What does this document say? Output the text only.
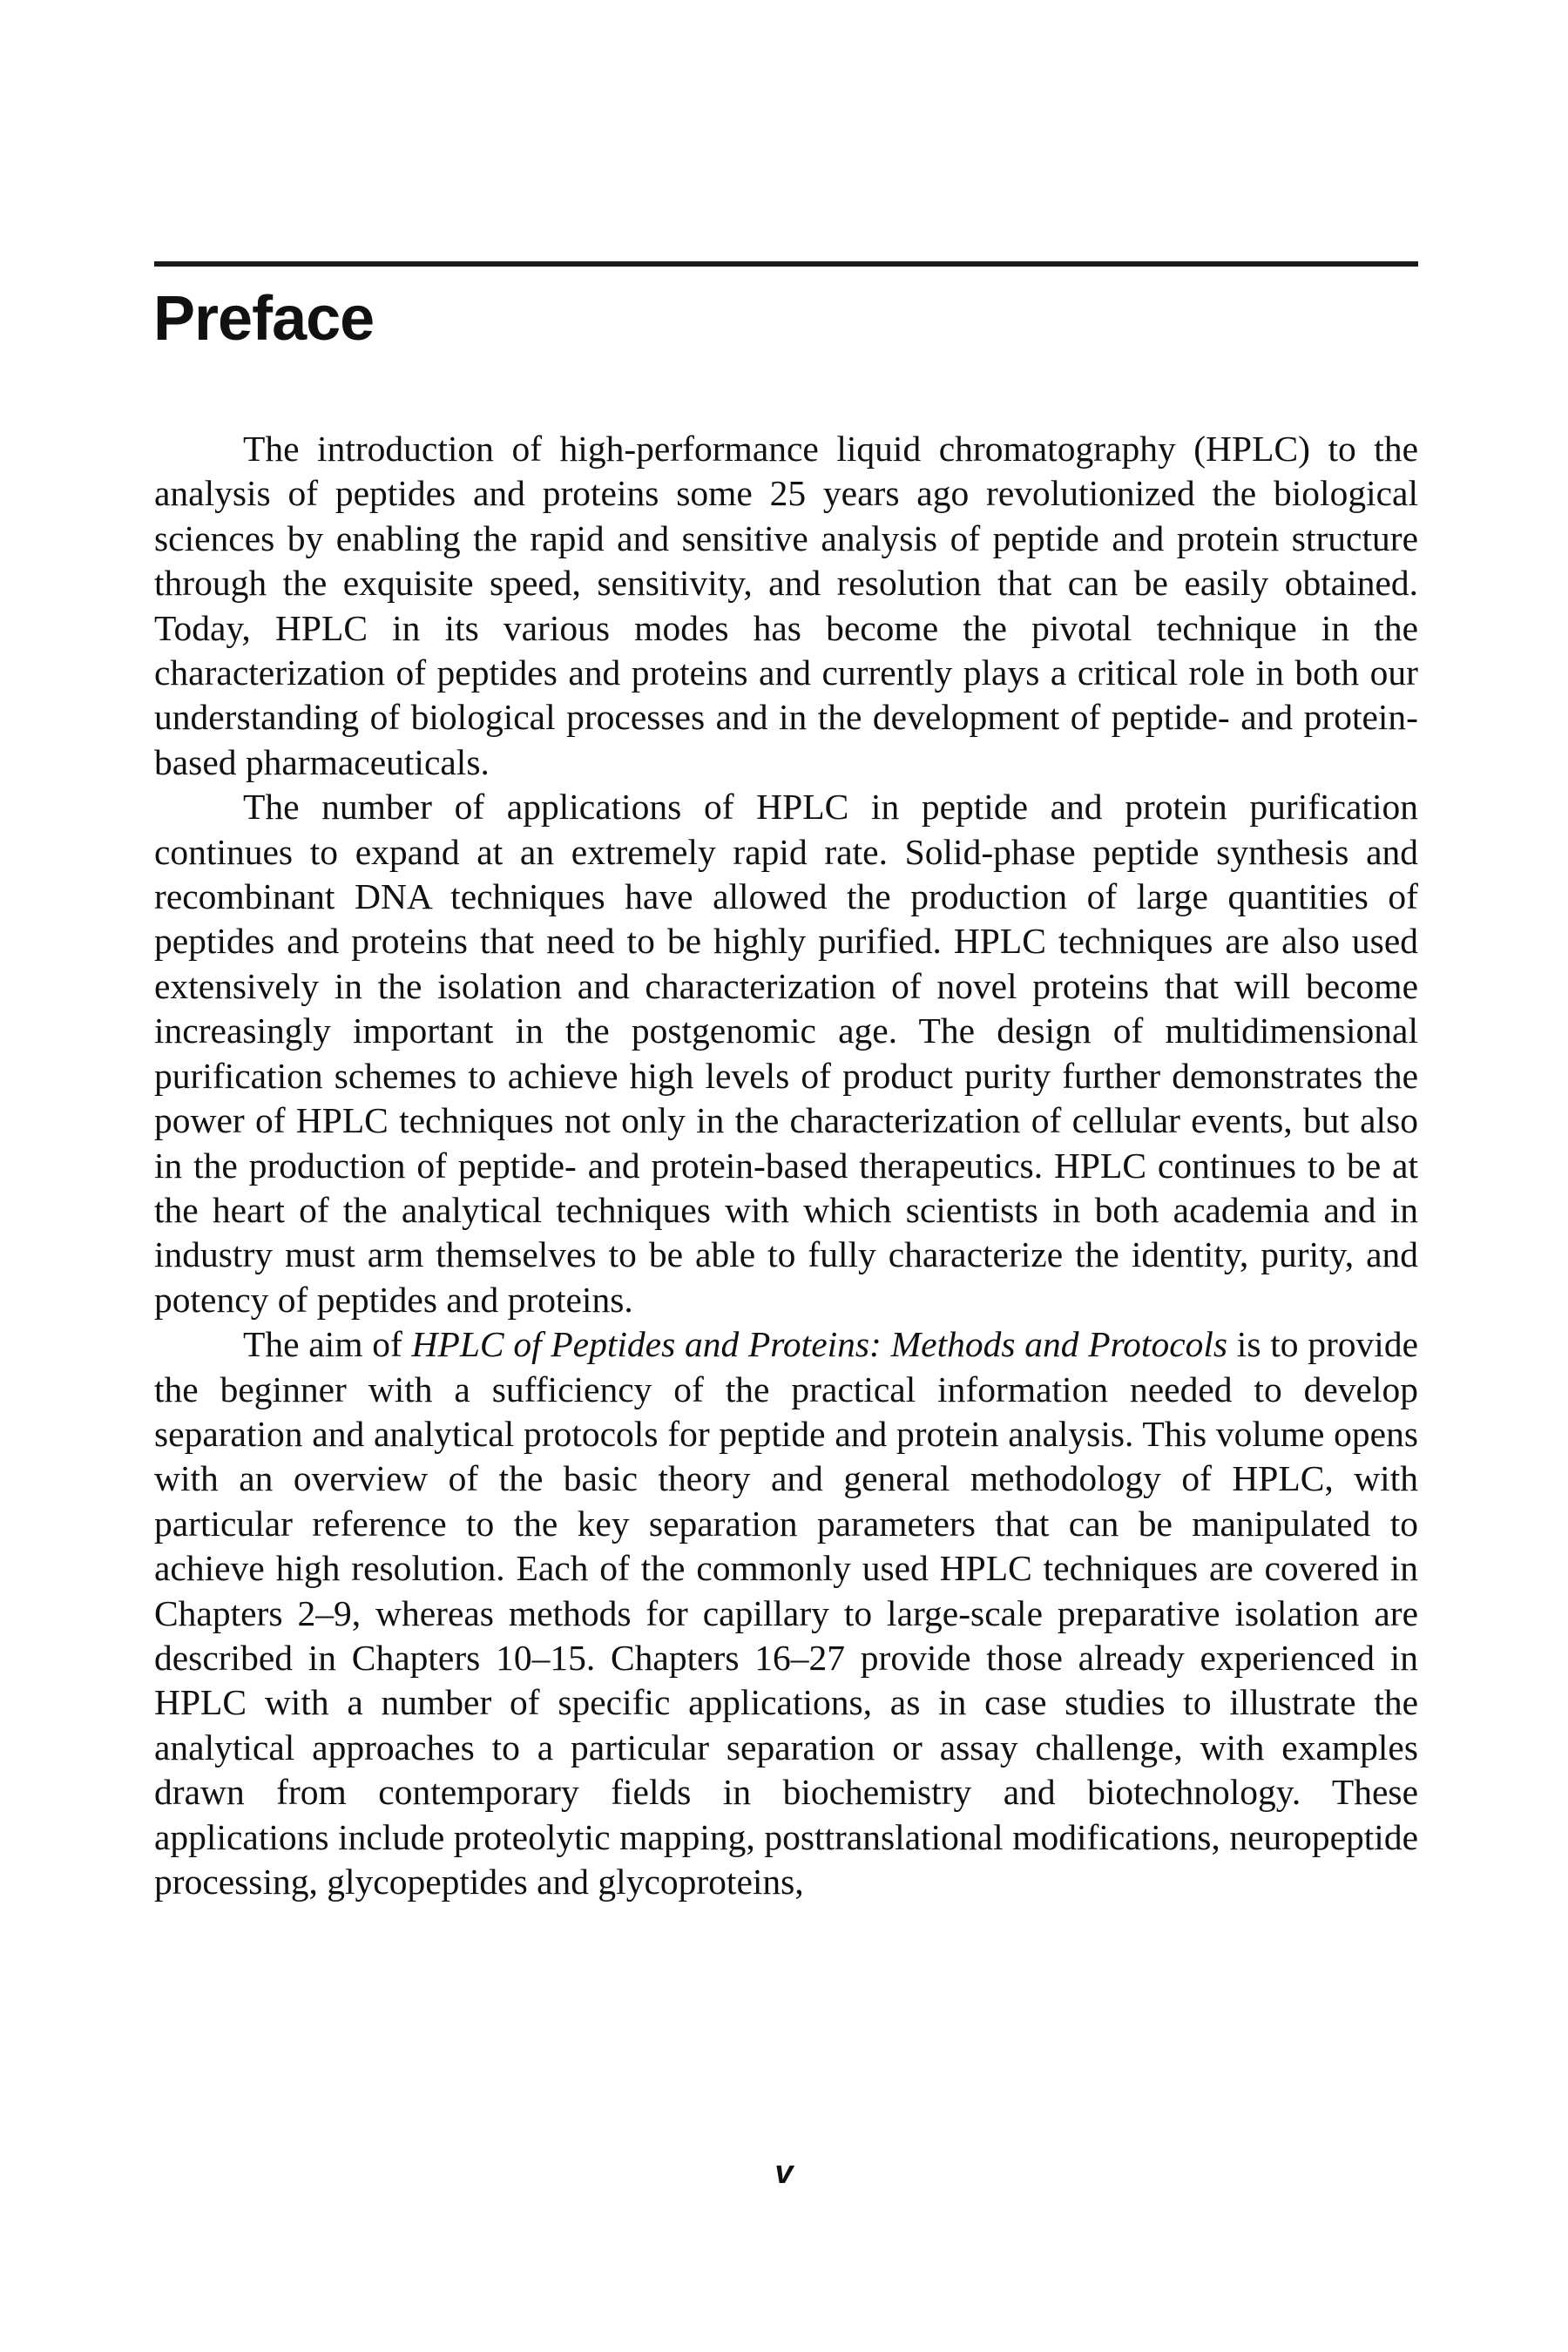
Preface

The introduction of high-performance liquid chromatography (HPLC) to the analysis of peptides and proteins some 25 years ago revolutionized the biological sciences by enabling the rapid and sensitive analysis of peptide and protein structure through the exquisite speed, sensitivity, and resolution that can be easily obtained. Today, HPLC in its various modes has become the pivotal technique in the characterization of peptides and proteins and currently plays a critical role in both our understanding of biological processes and in the development of peptide- and protein-based pharmaceuticals.

The number of applications of HPLC in peptide and protein purification continues to expand at an extremely rapid rate. Solid-phase peptide synthesis and recombinant DNA techniques have allowed the production of large quantities of peptides and proteins that need to be highly purified. HPLC techniques are also used extensively in the isolation and characterization of novel proteins that will become increasingly important in the postgenomic age. The design of multidimensional purification schemes to achieve high levels of product purity further demonstrates the power of HPLC techniques not only in the characterization of cellular events, but also in the production of peptide- and protein-based therapeutics. HPLC continues to be at the heart of the analytical techniques with which scientists in both academia and in industry must arm themselves to be able to fully characterize the identity, purity, and potency of peptides and proteins.

The aim of HPLC of Peptides and Proteins: Methods and Protocols is to provide the beginner with a sufficiency of the practical information needed to develop separation and analytical protocols for peptide and protein analysis. This volume opens with an overview of the basic theory and general methodology of HPLC, with particular reference to the key separation parameters that can be manipulated to achieve high resolution. Each of the commonly used HPLC techniques are covered in Chapters 2–9, whereas methods for capillary to large-scale preparative isolation are described in Chapters 10–15. Chapters 16–27 provide those already experienced in HPLC with a number of specific applications, as in case studies to illustrate the analytical approaches to a particular separation or assay challenge, with examples drawn from contemporary fields in biochemistry and biotechnology. These applications include proteolytic mapping, posttranslational modifications, neuropeptide processing, glycopeptides and glycoproteins,

v
